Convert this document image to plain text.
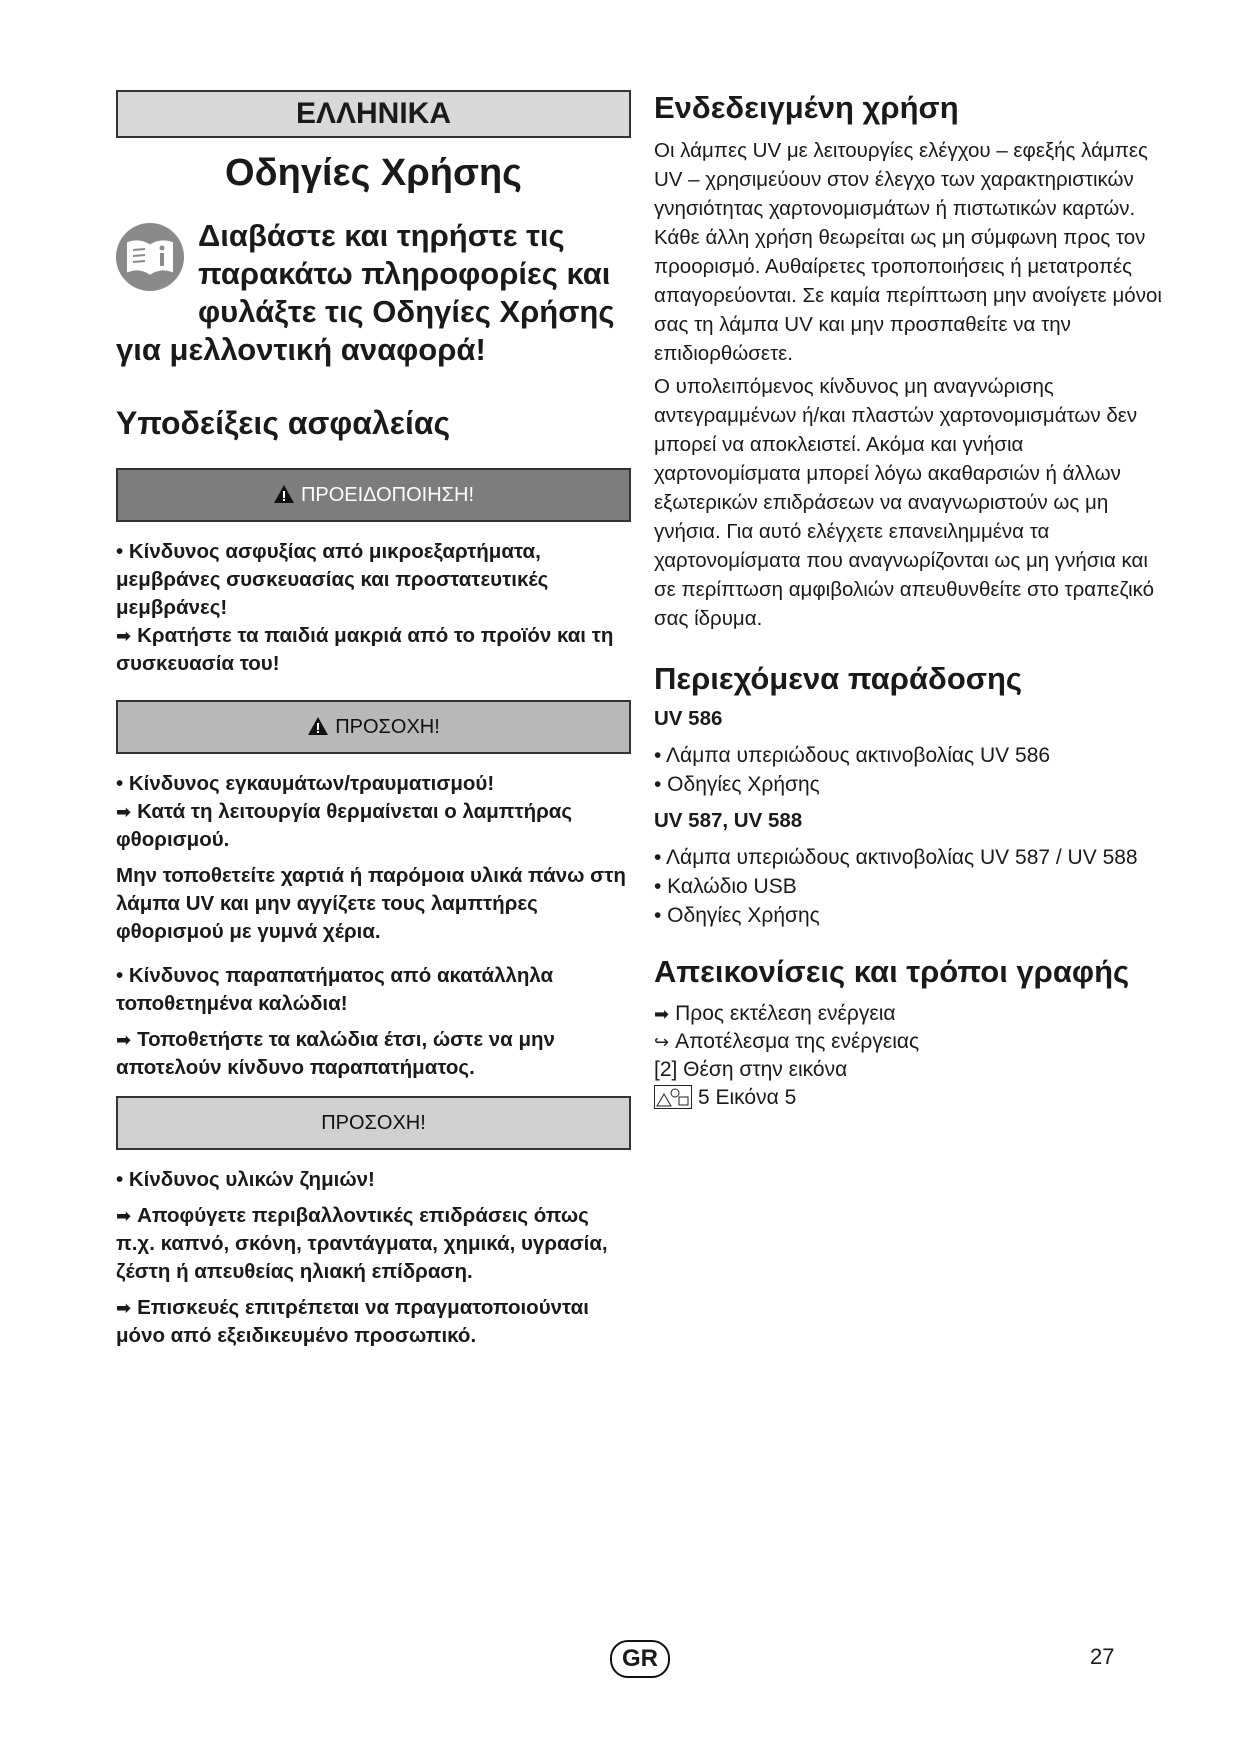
ΕΛΛΗΝΙΚΑ
Οδηγίες Χρήσης
Διαβάστε και τηρήστε τις παρακάτω πληροφορίες και φυλάξτε τις Οδηγίες Χρήσης για μελλοντική αναφορά!
Υποδείξεις ασφαλείας
ΠΡΟΕΙΔΟΠΟΙΗΣΗ!

• Κίνδυνος ασφυξίας από μικροεξαρτήματα, μεμβράνες συσκευασίας και προστατευτικές μεμβράνες!

➡ Κρατήστε τα παιδιά μακριά από το προϊόν και τη συσκευασία του!

ΠΡΟΣΟΧΗ!

• Κίνδυνος εγκαυμάτων/τραυματισμού!

➡ Κατά τη λειτουργία θερμαίνεται ο λαμπτήρας φθορισμού.

Μην τοποθετείτε χαρτιά ή παρόμοια υλικά πάνω στη λάμπα UV και μην αγγίζετε τους λαμπτήρες φθορισμού με γυμνά χέρια.

• Κίνδυνος παραπατήματος από ακατάλληλα τοποθετημένα καλώδια!

➡ Τοποθετήστε τα καλώδια έτσι, ώστε να μην αποτελούν κίνδυνο παραπατήματος.

ΠΡΟΣΟΧΗ!

• Κίνδυνος υλικών ζημιών!

➡ Αποφύγετε περιβαλλοντικές επιδράσεις όπως π.χ. καπνό, σκόνη, τραντάγματα, χημικά, υγρασία, ζέστη ή απευθείας ηλιακή επίδραση.

➡ Επισκευές επιτρέπεται να πραγματοποιούνται μόνο από εξειδικευμένο προσωπικό.

Ενδεδειγμένη χρήση

Οι λάμπες UV με λειτουργίες ελέγχου – εφεξής λάμπες UV – χρησιμεύουν στον έλεγχο των χαρακτηριστικών γνησιότητας χαρτονομισμάτων ή πιστωτικών καρτών.

Κάθε άλλη χρήση θεωρείται ως μη σύμφωνη προς τον προορισμό. Αυθαίρετες τροποποιήσεις ή μετατροπές απαγορεύονται. Σε καμία περίπτωση μην ανοίγετε μόνοι σας τη λάμπα UV και μην προσπαθείτε να την επιδιορθώσετε.

Ο υπολειπόμενος κίνδυνος μη αναγνώρισης αντεγραμμένων ή/και πλαστών χαρτονομισμάτων δεν μπορεί να αποκλειστεί. Ακόμα και γνήσια χαρτονομίσματα μπορεί λόγω ακαθαρσιών ή άλλων εξωτερικών επιδράσεων να αναγνωριστούν ως μη γνήσια. Για αυτό ελέγχετε επανειλημμένα τα χαρτονομίσματα που αναγνωρίζονται ως μη γνήσια και σε περίπτωση αμφιβολιών απευθυνθείτε στο τραπεζικό σας ίδρυμα.

Περιεχόμενα παράδοσης
UV 586
• Λάμπα υπεριώδους ακτινοβολίας UV 586
• Οδηγίες Χρήσης
UV 587, UV 588
• Λάμπα υπεριώδους ακτινοβολίας UV 587 / UV 588
• Καλώδιο USB
• Οδηγίες Χρήσης
Απεικονίσεις και τρόποι γραφής
➡ Προς εκτέλεση ενέργεια
↪ Αποτέλεσμα της ενέργειας
[2] Θέση στην εικόνα
5 Εικόνα 5
GR	27
